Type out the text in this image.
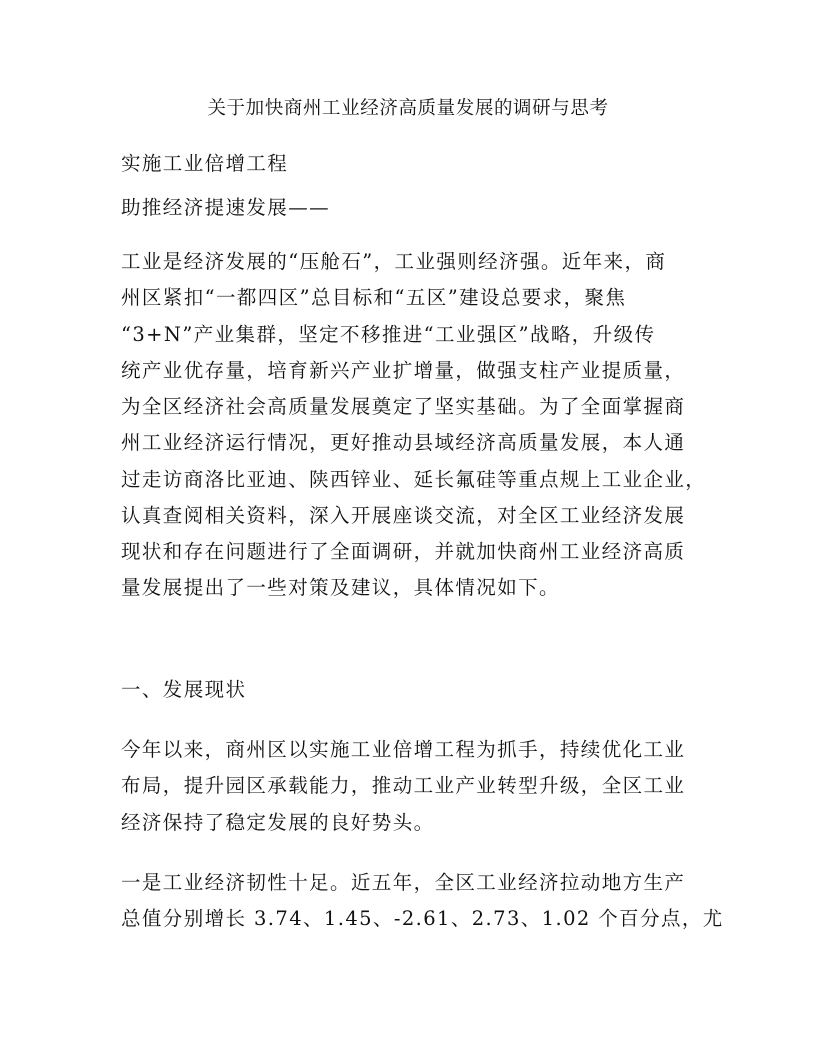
关于加快商州工业经济高质量发展的调研与思考
实施工业倍增工程
助推经济提速发展——
工业是经济发展的“压舱石”，工业强则经济强。近年来，商
州区紧扣“一都四区”总目标和“五区”建设总要求，聚焦
“3+N”产业集群，坚定不移推进“工业强区”战略，升级传
统产业优存量，培育新兴产业扩增量，做强支柱产业提质量，
为全区经济社会高质量发展奠定了坚实基础。为了全面掌握商
州工业经济运行情况，更好推动县域经济高质量发展，本人通
过走访商洛比亚迪、陕西锌业、延长氟硅等重点规上工业企业，
认真查阅相关资料，深入开展座谈交流，对全区工业经济发展
现状和存在问题进行了全面调研，并就加快商州工业经济高质
量发展提出了一些对策及建议，具体情况如下。
一、发展现状
今年以来，商州区以实施工业倍增工程为抓手，持续优化工业
布局，提升园区承载能力，推动工业产业转型升级，全区工业
经济保持了稳定发展的良好势头。
一是工业经济韧性十足。近五年，全区工业经济拉动地方生产
总值分别增长 3.74、1.45、-2.61、2.73、1.02 个百分点，尤
